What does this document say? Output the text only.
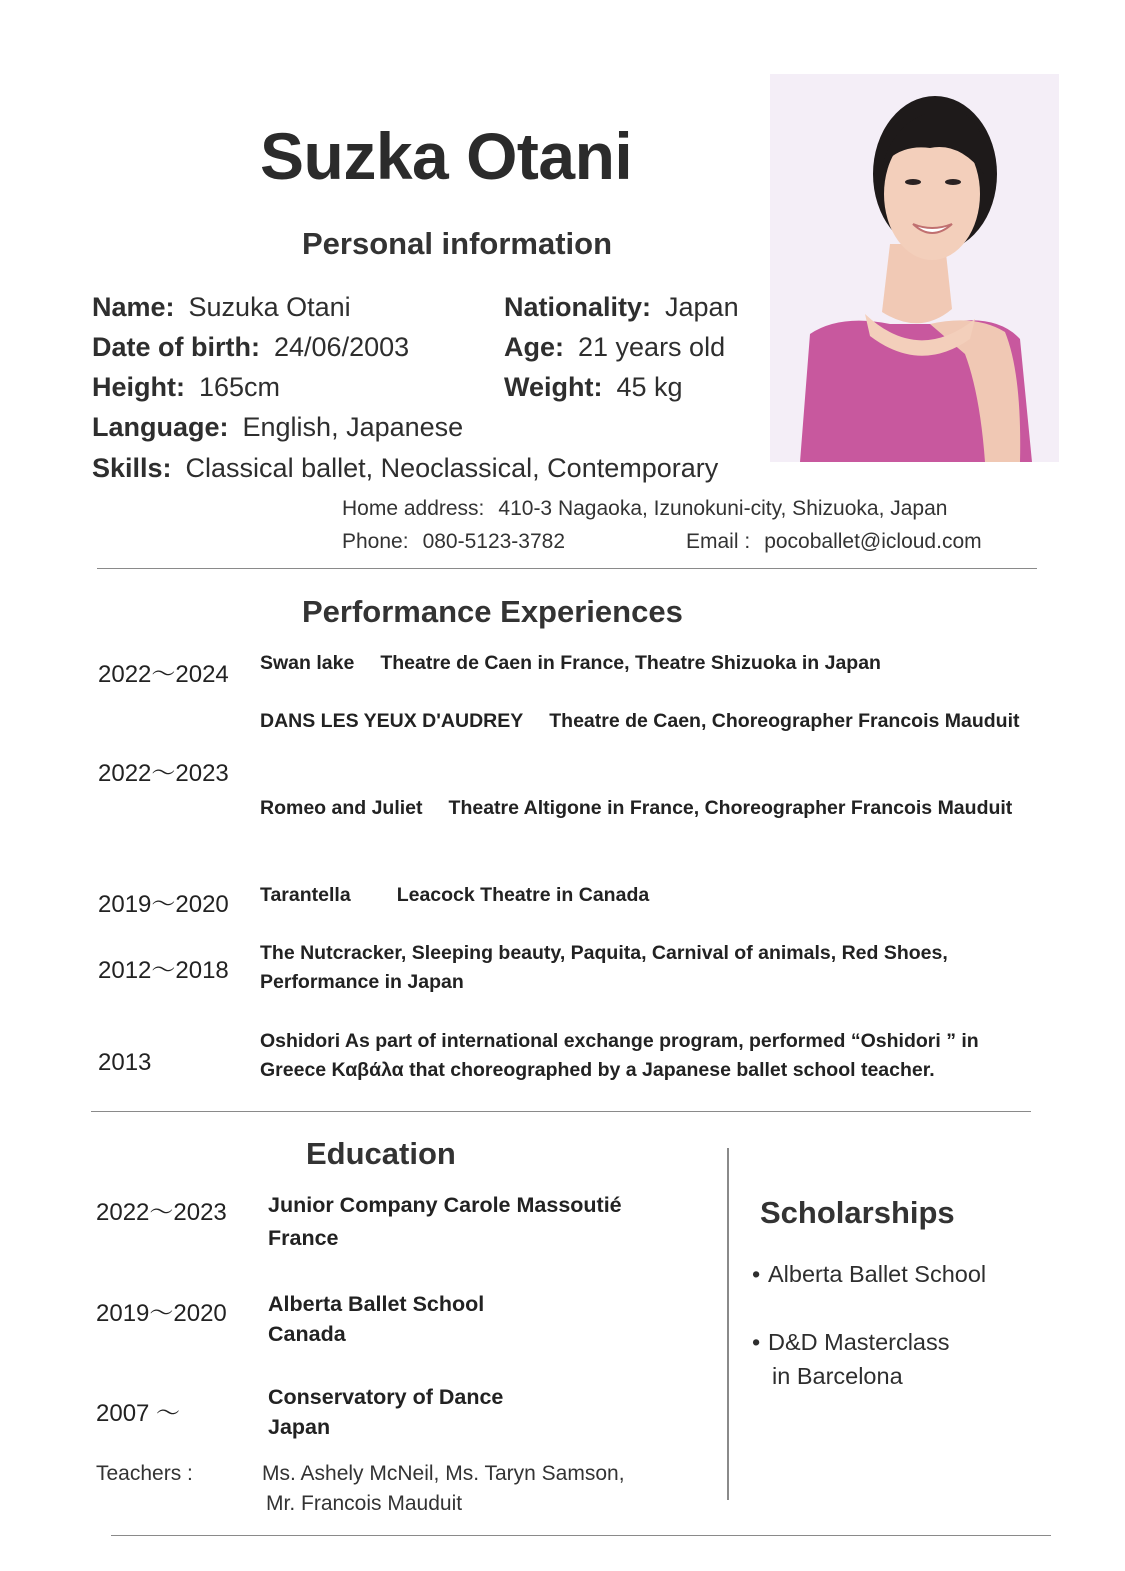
Suzka Otani
Personal information
Name: Suzuka Otani
Date of birth: 24/06/2003
Height: 165cm
Language: English, Japanese
Skills: Classical ballet, Neoclassical, Contemporary
Nationality: Japan
Age: 21 years old
Weight: 45 kg
Home address: 410-3 Nagaoka, Izunokuni-city, Shizuoka, Japan
Phone: 080-5123-3782	Email : pocoballet@icloud.com
Performance Experiences
2022〜2024 Swan lake Theatre de Caen in France, Theatre Shizuoka in Japan
2022〜2023
DANS LES YEUX D'AUDREY Theatre de Caen, Choreographer Francois Mauduit
Romeo and Juliet Theatre Altigone in France, Choreographer Francois Mauduit
2019〜2020 Tarantella Leacock Theatre in Canada
2012〜2018
The Nutcracker, Sleeping beauty, Paquita, Carnival of animals, Red Shoes, Performance in Japan
2013
Oshidori As part of international exchange program, performed “Oshidori ” in Greece Καβάλα that choreographed by a Japanese ballet school teacher.
Education
2022〜2023 Junior Company Carole Massoutié
France
2019〜2020 Alberta Ballet School
Canada
2007 〜
Conservatory of Dance
Japan
Teachers :	Ms. Ashely McNeil, Ms. Taryn Samson,
Mr. Francois Mauduit
Scholarships
• Alberta Ballet School
• D&D Masterclass
in Barcelona
